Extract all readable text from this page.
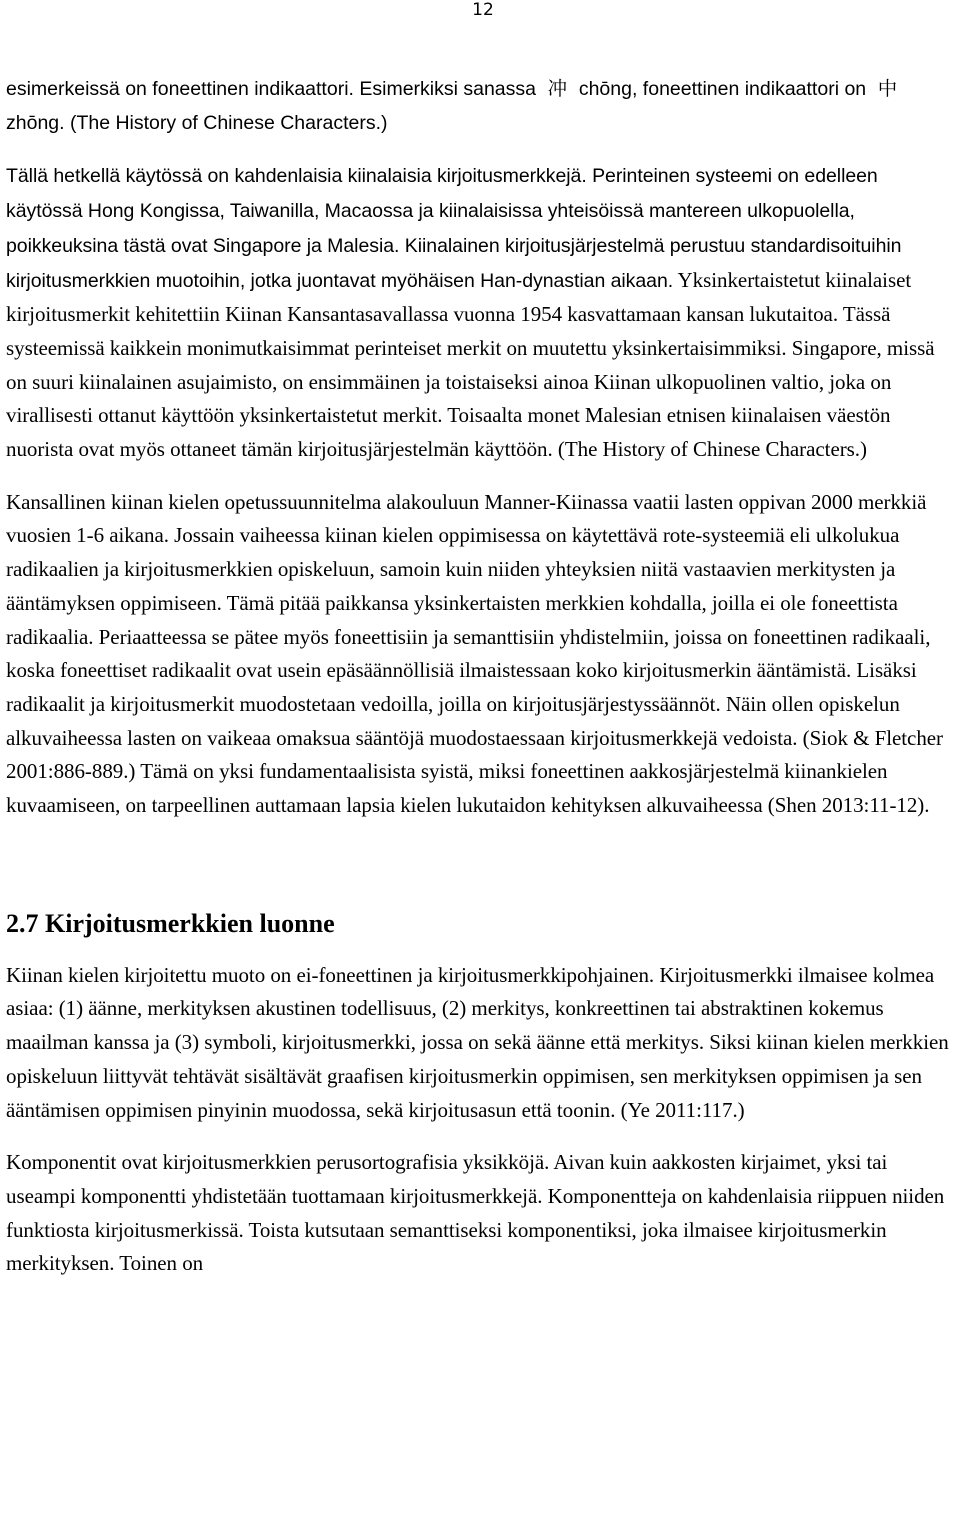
12

esimerkeissä on foneettinen indikaattori. Esimerkiksi sanassa 冲 chōng, foneettinen indikaattori on 中 zhōng. (The History of Chinese Characters.)

Tällä hetkellä käytössä on kahdenlaisia kiinalaisia kirjoitusmerkkejä. Perinteinen systeemi on edelleen käytössä Hong Kongissa, Taiwanilla, Macaossa ja kiinalaisissa yhteisöissä mantereen ulkopuolella, poikkeuksina tästä ovat Singapore ja Malesia. Kiinalainen kirjoitusjärjestelmä perustuu standardisoituihin kirjoitusmerkkien muotoihin, jotka juontavat myöhäisen Han-dynastian aikaan. Yksinkertaistetut kiinalaiset kirjoitusmerkit kehitettiin Kiinan Kansantasavallassa vuonna 1954 kasvattamaan kansan lukutaitoa. Tässä systeemissä kaikkein monimutkaisimmat perinteiset merkit on muutettu yksinkertaisimmiksi. Singapore, missä on suuri kiinalainen asujaimisto, on ensimmäinen ja toistaiseksi ainoa Kiinan ulkopuolinen valtio, joka on virallisesti ottanut käyttöön yksinkertaistetut merkit. Toisaalta monet Malesian etnisen kiinalaisen väestön nuorista ovat myös ottaneet tämän kirjoitusjärjestelmän käyttöön. (The History of Chinese Characters.)

Kansallinen kiinan kielen opetussuunnitelma alakouluun Manner-Kiinassa vaatii lasten oppivan 2000 merkkiä vuosien 1-6 aikana. Jossain vaiheessa kiinan kielen oppimisessa on käytettävä rote-systeemiä eli ulkolukua radikaalien ja kirjoitusmerkkien opiskeluun, samoin kuin niiden yhteyksien niitä vastaavien merkitysten ja ääntämyksen oppimiseen. Tämä pitää paikkansa yksinkertaisten merkkien kohdalla, joilla ei ole foneettista radikaalia. Periaatteessa se pätee myös foneettisiin ja semanttisiin yhdistelmiin, joissa on foneettinen radikaali, koska foneettiset radikaalit ovat usein epäsäännöllisiä ilmaistessaan koko kirjoitusmerkin ääntämistä. Lisäksi radikaalit ja kirjoitusmerkit muodostetaan vedoilla, joilla on kirjoitusjärjestyssäännöt. Näin ollen opiskelun alkuvaiheessa lasten on vaikeaa omaksua sääntöjä muodostaessaan kirjoitusmerkkejä vedoista. (Siok & Fletcher 2001:886-889.) Tämä on yksi fundamentaalisista syistä, miksi foneettinen aakkosjärjestelmä kiinankielen kuvaamiseen, on tarpeellinen auttamaan lapsia kielen lukutaidon kehityksen alkuvaiheessa (Shen 2013:11-12).

2.7 Kirjoitusmerkkien luonne

Kiinan kielen kirjoitettu muoto on ei-foneettinen ja kirjoitusmerkkipohjainen. Kirjoitusmerkki ilmaisee kolmea asiaa: (1) äänne, merkityksen akustinen todellisuus, (2) merkitys, konkreettinen tai abstraktinen kokemus maailman kanssa ja (3) symboli, kirjoitusmerkki, jossa on sekä äänne että merkitys. Siksi kiinan kielen merkkien opiskeluun liittyvät tehtävät sisältävät graafisen kirjoitusmerkin oppimisen, sen merkityksen oppimisen ja sen ääntämisen oppimisen pinyinin muodossa, sekä kirjoitusasun että toonin. (Ye 2011:117.)

Komponentit ovat kirjoitusmerkkien perusortografisia yksikköjä. Aivan kuin aakkosten kirjaimet, yksi tai useampi komponentti yhdistetään tuottamaan kirjoitusmerkkejä. Komponentteja on kahdenlaisia riippuen niiden funktiosta kirjoitusmerkissä. Toista kutsutaan semanttiseksi komponentiksi, joka ilmaisee kirjoitusmerkin merkityksen. Toinen on
